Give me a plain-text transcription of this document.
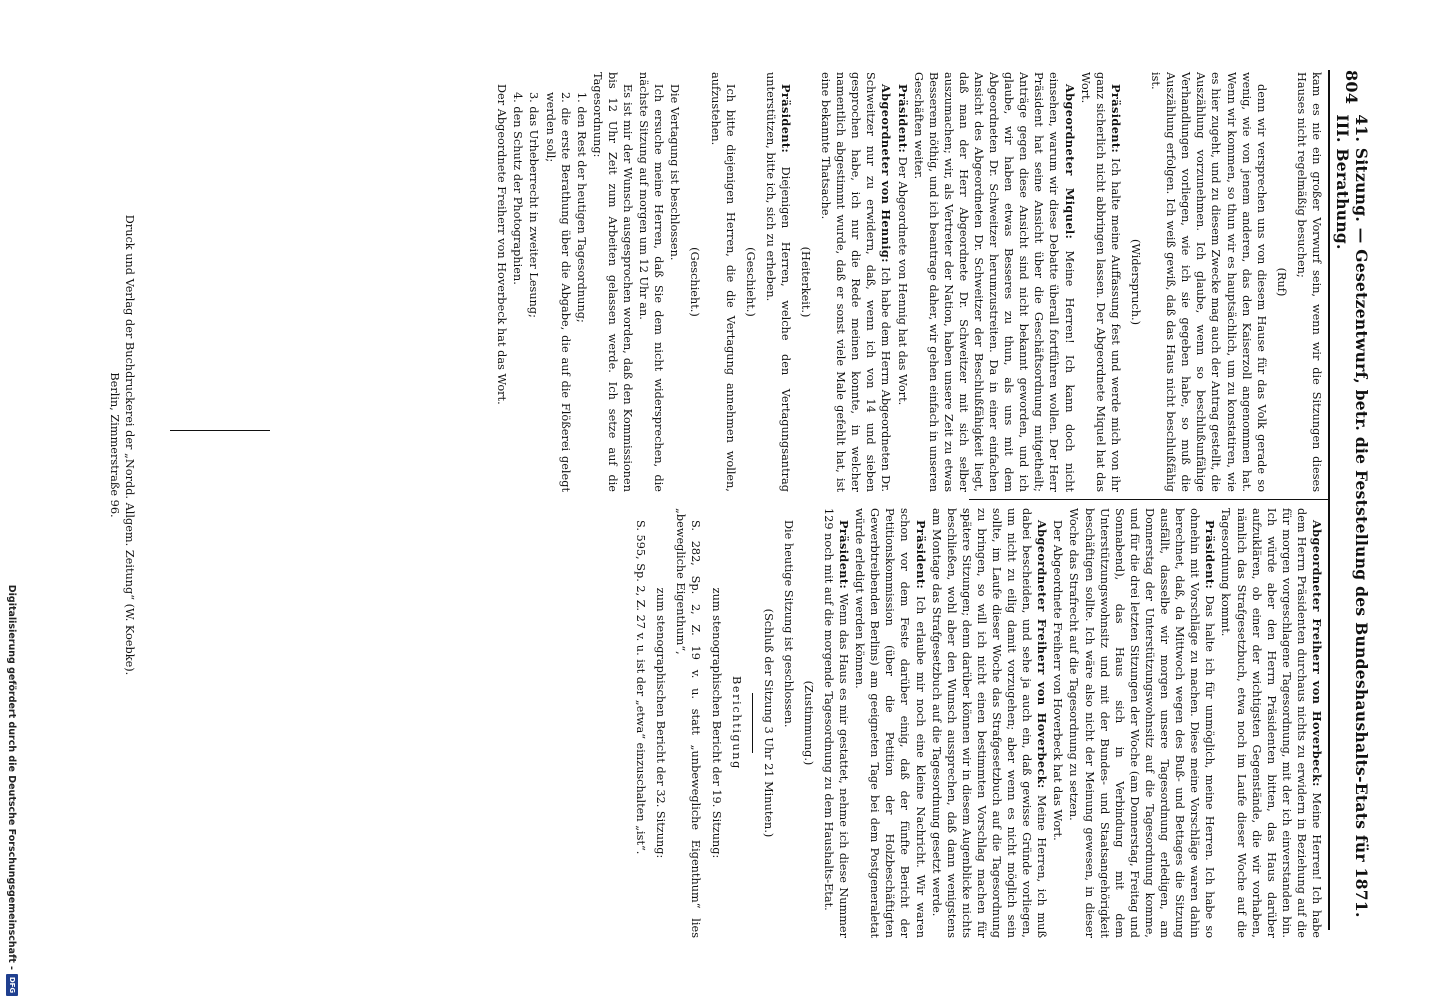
804
41. Sitzung. — Gesetzentwurf, betr. die Feststellung des Bundeshaushalts-Etats für 1871. III. Berathung.

kam es nie ein großer Vorwurf sein, wenn wir die Sitzungen dieses Hauses nicht regelmäßig besuchen;

(Ruf)

denn wir versprechen uns von diesem Hause für das Volk gerade so wenig, wie von jenem anderen, das den Kaiserzoll angenommen hat. Wenn wir kommen, so thun wir es hauptsächlich, um zu konstatiren, wie es hier zugeht, und zu diesem Zwecke mag auch der Antrag gestellt, die Auszählung vorzunehmen. Ich glaube, wenn so beschlußunfähige Verhandlungen vorliegen, wie ich sie gegeben habe, so muß die Auszählung erfolgen. Ich weiß gewiß, daß das Haus nicht beschlußfähig ist.

(Widerspruch.)

Präsident: Ich halte meine Auffassung fest und werde mich von ihr ganz sicherlich nicht abbringen lassen. Der Abgeordnete Miquel hat das Wort.

Abgeordneter Miquel: Meine Herren! Ich kann doch nicht einsehen, warum wir diese Debatte überall fortführen wollen. Der Herr Präsident hat seine Ansicht über die Geschäftsordnung mitgetheilt; Anträge gegen diese Ansicht sind nicht bekannt geworden, und ich glaube, wir haben etwas Besseres zu thun, als uns mit dem Abgeordneten Dr. Schweitzer herumzustreiten. Da in einer einfachen Ansicht des Abgeordneten Dr. Schweitzer der Beschlußfähigkeit liegt, daß man der Herr Abgeordnete Dr. Schweitzer mit sich selber auszumachen; wir, als Vertreter der Nation, haben unsere Zeit zu etwas Besserem nöthig, und ich beantrage daher, wir gehen einfach in unseren Geschäften weiter.

Präsident: Der Abgeordnete von Hennig hat das Wort.

Abgeordneter von Hennig: Ich habe dem Herrn Abgeordneten Dr. Schweitzer nur zu erwidern, daß, wenn ich von 14 und sieben gesprochen habe, ich nur die Rede meinen konnte, in welcher namentlich abgestimmt wurde, daß er sonst viele Male gefehlt hat, ist eine bekannte Thatsache.

(Heiterkeit.)

Präsident: Diejenigen Herren, welche den Vertagungsantrag unterstützen, bitte ich, sich zu erheben.

(Geschieht.)

Ich bitte diejenigen Herren, die die Vertagung annehmen wollen, aufzustehen.

(Geschieht.)

Die Vertagung ist beschlossen.

Ich ersuche meine Herren, daß Sie dem nicht widersprechen, die nächste Sitzung auf morgen um 12 Uhr an.

Es ist mir der Wunsch ausgesprochen worden, daß den Kommissionen bis 12 Uhr Zeit zum Arbeiten gelassen werde. Ich setze auf die Tagesordnung:

1. den Rest der heutigen Tagesordnung;

2. die erste Berathung über die Abgabe, die auf die Flößerei gelegt werden soll;

3. das Urheberrecht in zweiter Lesung;

4. den Schutz der Photographien.

Der Abgeordnete Freiherr von Hoverbeck hat das Wort.

Abgeordneter Freiherr von Hoverbeck: Meine Herren! Ich habe dem Herrn Präsidenten durchaus nichts zu erwidern in Beziehung auf die für morgen vorgeschlagene Tagesordnung, mit der ich einverstanden bin. Ich würde aber den Herrn Präsidenten bitten, das Haus darüber aufzuklären, ob einer der wichtigsten Gegenstände, die wir vorhaben, nämlich das Strafgesetzbuch, etwa noch im Laufe dieser Woche auf die Tagesordnung kommt.

Präsident: Das halte ich für unmöglich, meine Herren. Ich habe so ohnehin mit Vorschläge zu machen. Diese meine Vorschläge waren dahin berechnet, daß, da Mittwoch wegen des Buß- und Bettages die Sitzung ausfällt, dasselbe wir morgen unsere Tagesordnung erledigen, am Donnerstag der Unterstützungswohnsitz auf die Tagesordnung komme, und für die drei letzten Sitzungen der Woche (am Donnerstag, Freitag und Sonnabend), das Haus sich in Verbindung mit dem Unterstützungswohnsitz und mit der Bundes- und Staatsangehörigkeit beschäftigen sollte. Ich wäre also nicht der Meinung gewesen, in dieser Woche das Strafrecht auf die Tagesordnung zu setzen.

Der Abgeordnete Freiherr von Hoverbeck hat das Wort.

Abgeordneter Freiherr von Hoverbeck: Meine Herren, ich muß dabei bescheiden, und sehe ja auch ein, daß gewisse Gründe vorliegen, um nicht zu eilig damit vorzugehen; aber wenn es nicht möglich sein sollte, im Laufe dieser Woche das Strafgesetzbuch auf die Tagesordnung zu bringen, so will ich nicht einen bestimmten Vorschlag machen für spätere Sitzungen; denn darüber können wir in diesem Augenblicke nichts beschließen, wohl aber den Wunsch aussprechen, daß dann wenigstens am Montage das Strafgesetzbuch auf die Tagesordnung gesetzt werde.

Präsident: Ich erlaube mir noch eine kleine Nachricht. Wir waren schon vor dem Feste darüber einig, daß der fünfte Bericht der Petitionskommission (über die Petition der Holzbeschäftigten Gewerbtreibenden Berlins) am geeigneten Tage bei dem Postgeneraletat würde erledigt werden können.

Präsident: Wenn das Haus es mir gestattet, nehme ich diese Nummer 129 noch mit auf die morgende Tagesordnung zu dem Haushalts-Etat.

(Zustimmung.)

Die heutige Sitzung ist geschlossen.

(Schluß der Sitzung 3 Uhr 21 Minuten.)

Berichtigung

zum stenographischen Bericht der 19. Sitzung:

S. 282, Sp. 2, Z. 19 v. u. statt „unbewegliche Eigenthum“ lies „bewegliche Eigenthum“,

zum stenographischen Bericht der 32. Sitzung:

S. 595, Sp. 2, Z. 27 v. u. ist der „etwa“ einzuschalten „ist“.

Druck und Verlag der Buchdruckerei der „Nordd. Allgem. Zeitung“ (W. Koebke).
Berlin, Zimmerstraße 96.
Digitalisierung gefördert durch die Deutsche Forschungsgemeinschaft -
DFG
